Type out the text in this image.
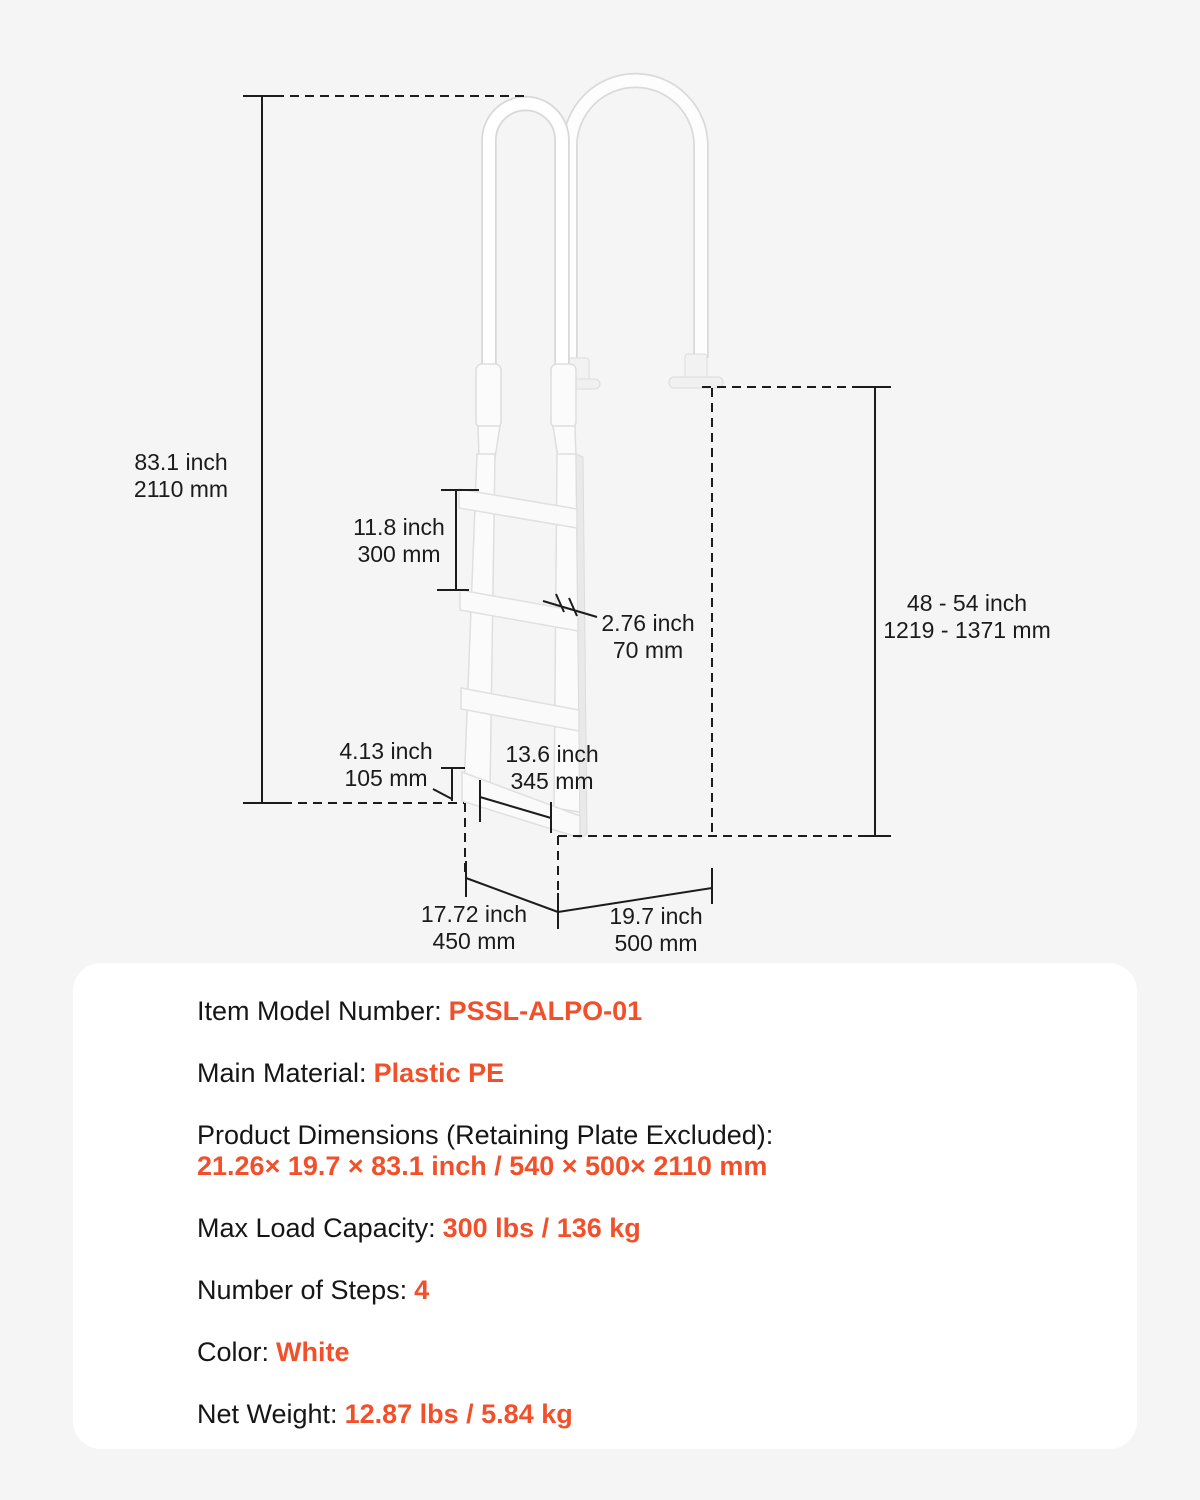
83.1 inch
2110 mm
11.8 inch
300 mm
2.76 inch
70 mm
4.13 inch
105 mm
13.6 inch
345 mm
48 - 54 inch
1219 - 1371 mm
17.72 inch
450 mm
19.7 inch
500 mm
Item Model Number: PSSL-ALPO-01
Main Material: Plastic PE
Product Dimensions (Retaining Plate Excluded):
21.26× 19.7 × 83.1 inch / 540 × 500× 2110 mm
Max Load Capacity: 300 lbs / 136 kg
Number of Steps: 4
Color: White
Net Weight: 12.87 lbs / 5.84 kg
